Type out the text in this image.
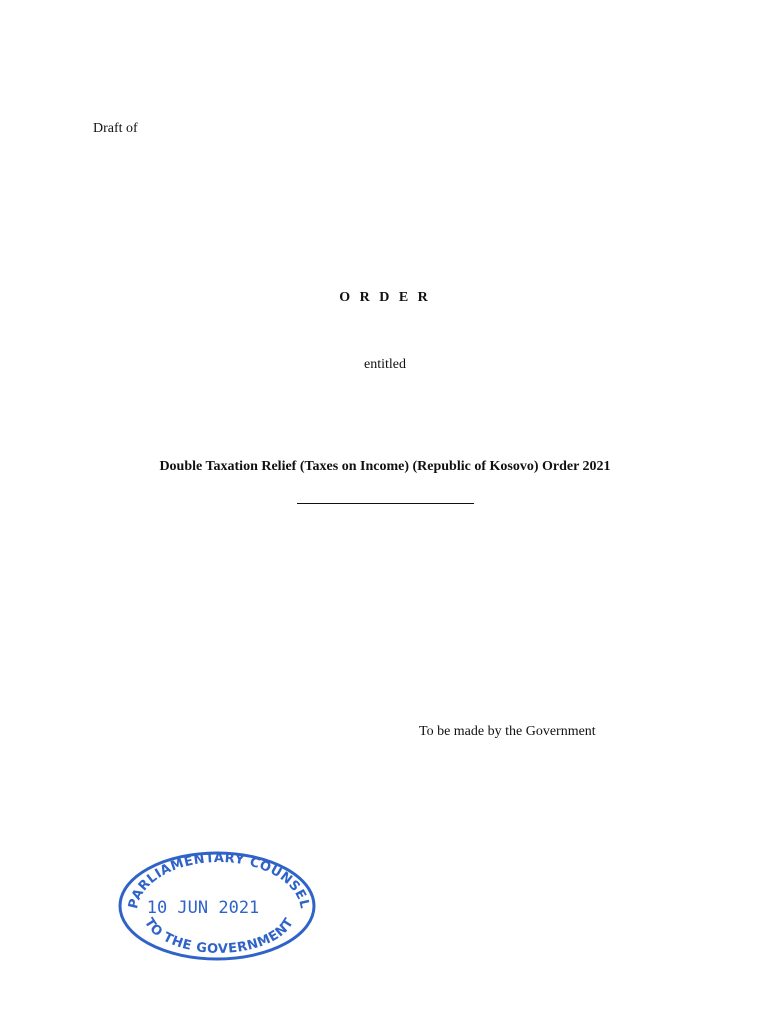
Draft of
O R D E R
entitled
Double Taxation Relief (Taxes on Income) (Republic of Kosovo) Order 2021
To be made by the Government
PARLIAMENTARY COUNSEL
10 JUN 2021
TO THE GOVERNMENT
